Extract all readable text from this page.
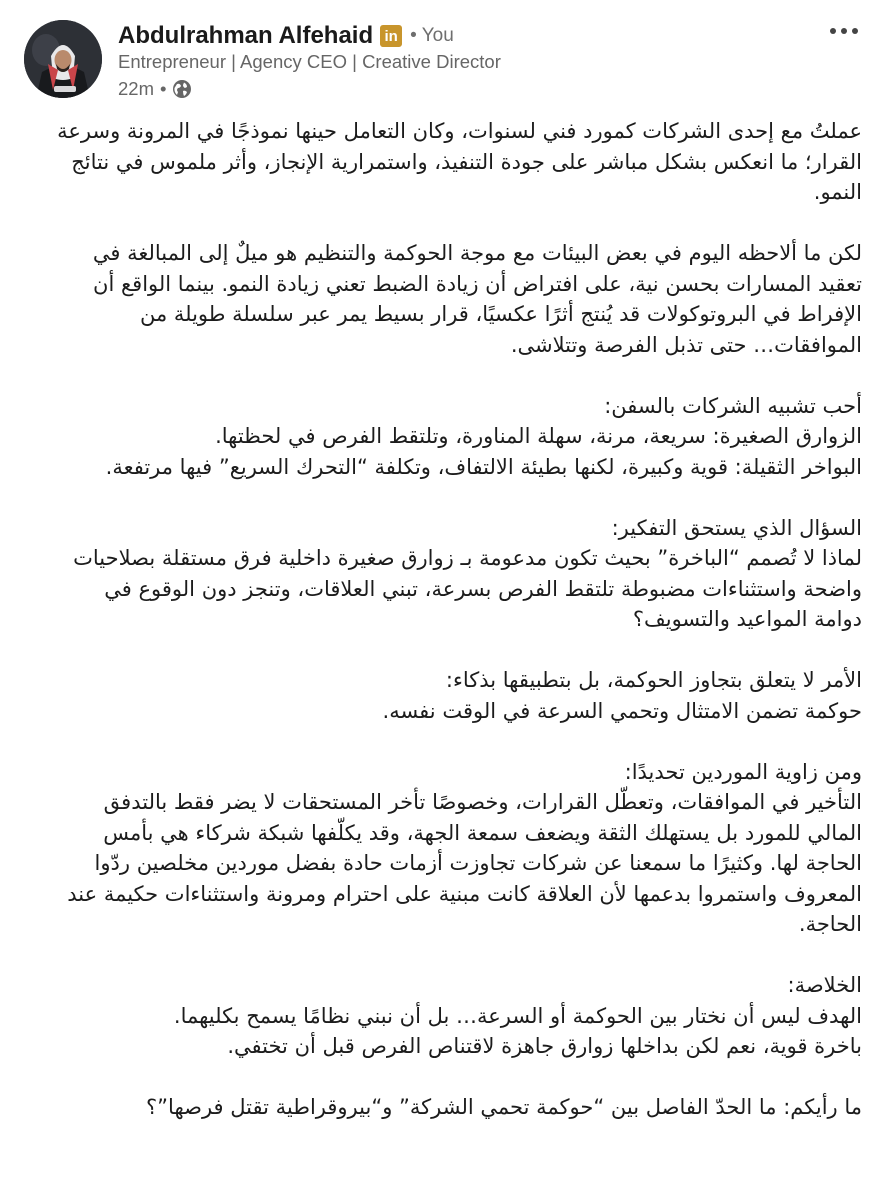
Abdulrahman Alfehaid in • You
Entrepreneur | Agency CEO | Creative Director
22m •

عملتُ مع إحدى الشركات كمورد فني لسنوات، وكان التعامل حينها نموذجًا في المرونة وسرعة
القرار؛ ما انعكس بشكل مباشر على جودة التنفيذ، واستمرارية الإنجاز، وأثر ملموس في نتائج
النمو.

لكن ما ألاحظه اليوم في بعض البيئات مع موجة الحوكمة والتنظيم هو ميلٌ إلى المبالغة في
تعقيد المسارات بحسن نية، على افتراض أن زيادة الضبط تعني زيادة النمو. بينما الواقع أن
الإفراط في البروتوكولات قد يُنتج أثرًا عكسيًا، قرار بسيط يمر عبر سلسلة طويلة من
الموافقات… حتى تذبل الفرصة وتتلاشى.

أحب تشبيه الشركات بالسفن:
الزوارق الصغيرة: سريعة، مرنة، سهلة المناورة، وتلتقط الفرص في لحظتها.
البواخر الثقيلة: قوية وكبيرة، لكنها بطيئة الالتفاف، وتكلفة “التحرك السريع” فيها مرتفعة.

السؤال الذي يستحق التفكير:
لماذا لا تُصمم “الباخرة” بحيث تكون مدعومة بـ زوارق صغيرة داخلية فرق مستقلة بصلاحيات
واضحة واستثناءات مضبوطة تلتقط الفرص بسرعة، تبني العلاقات، وتنجز دون الوقوع في
دوامة المواعيد والتسويف؟

الأمر لا يتعلق بتجاوز الحوكمة، بل بتطبيقها بذكاء:
حوكمة تضمن الامتثال وتحمي السرعة في الوقت نفسه.

ومن زاوية الموردين تحديدًا:
التأخير في الموافقات، وتعطّل القرارات، وخصوصًا تأخر المستحقات لا يضر فقط بالتدفق
المالي للمورد بل يستهلك الثقة ويضعف سمعة الجهة، وقد يكلّفها شبكة شركاء هي بأمس
الحاجة لها. وكثيرًا ما سمعنا عن شركات تجاوزت أزمات حادة بفضل موردين مخلصين ردّوا
المعروف واستمروا بدعمها لأن العلاقة كانت مبنية على احترام ومرونة واستثناءات حكيمة عند
الحاجة.

الخلاصة:
الهدف ليس أن نختار بين الحوكمة أو السرعة… بل أن نبني نظامًا يسمح بكليهما.
باخرة قوية، نعم لكن بداخلها زوارق جاهزة لاقتناص الفرص قبل أن تختفي.

ما رأيكم: ما الحدّ الفاصل بين “حوكمة تحمي الشركة” و“بيروقراطية تقتل فرصها”؟
